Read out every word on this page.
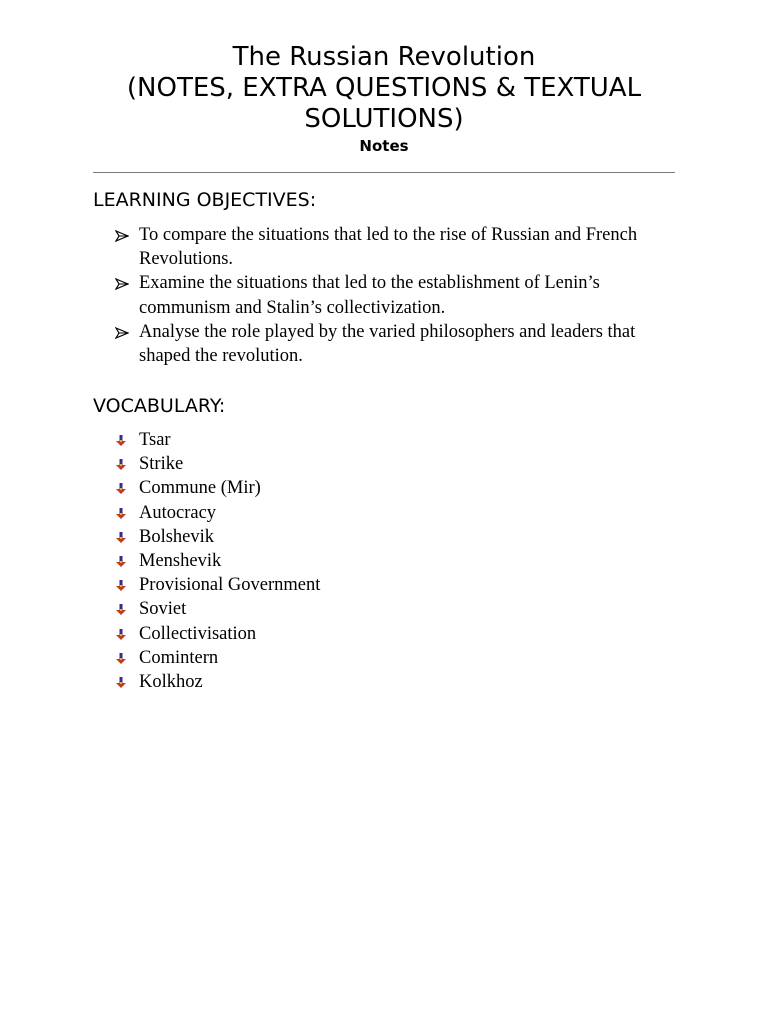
The Russian Revolution
(NOTES, EXTRA QUESTIONS & TEXTUAL
SOLUTIONS)
Notes
LEARNING OBJECTIVES:
To compare the situations that led to the rise of Russian and French Revolutions.
Examine the situations that led to the establishment of Lenin’s communism and Stalin’s collectivization.
Analyse the role played by the varied philosophers and leaders that shaped the revolution.
VOCABULARY:
Tsar
Strike
Commune (Mir)
Autocracy
Bolshevik
Menshevik
Provisional Government
Soviet
Collectivisation
Comintern
Kolkhoz
